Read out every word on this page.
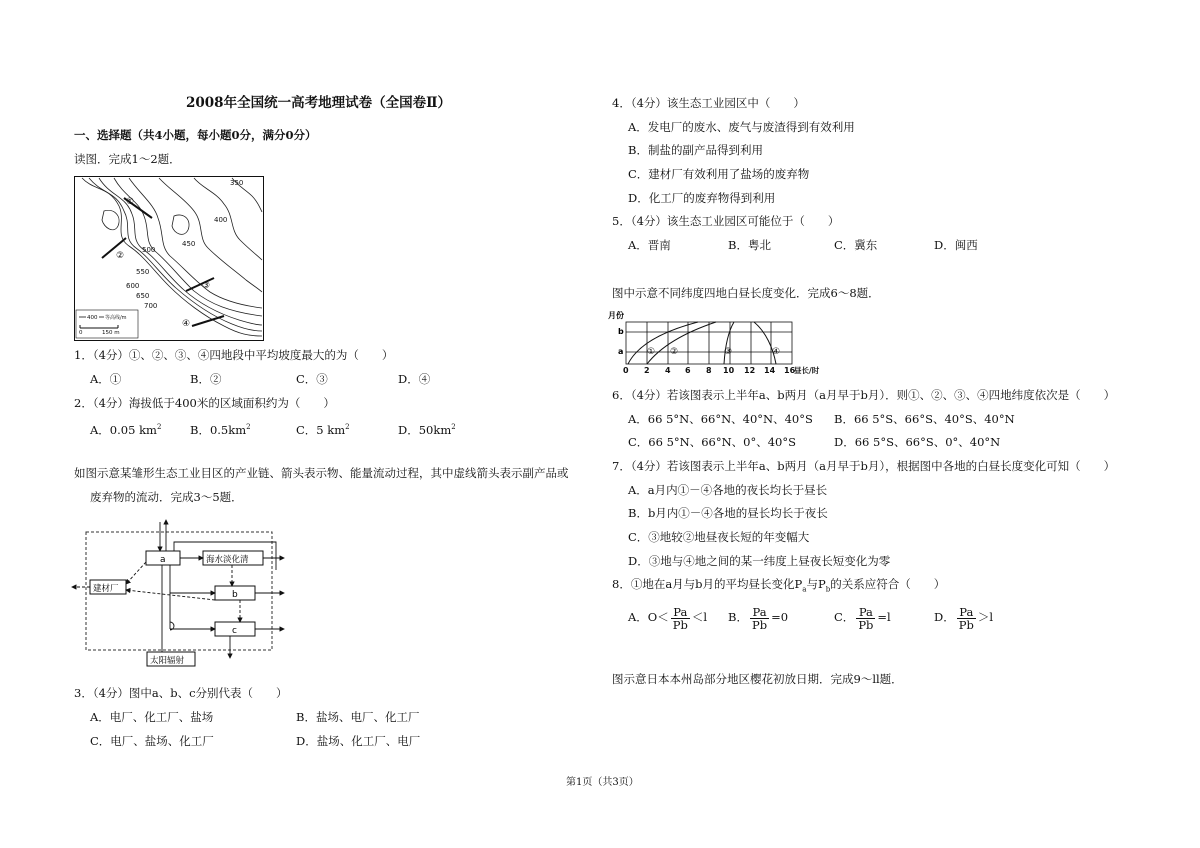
2008年全国统一高考地理试卷（全国卷Ⅱ）
一、选择题（共4小题，每小题0分，满分0分）
读图．完成1～2题．
350
400
450
500
550
600
650
700
①
②
③
④
400 等高线/m
0	150 m
1．（4分）①、②、③、④四地段中平均坡度最大的为（　　）
A．①	B．②	C．③	D．④
2．（4分）海拔低于400米的区域面积约为（　　）
A．0.05 $km^2$ B．$0.5km^2$	C．5 $km^2$	D．$50km^2$
如图示意某雏形生态工业目区的产业链、箭头表示物、能量流动过程，其中虚线箭头表示副产品或
废弃物的流动．完成3～5题．
a	海水淡化清
建材厂
b
c
太阳辐射
3．（4分）图中a、b、c分别代表（　　）
A．电厂、化工厂、盐场	B．盐场、电厂、化工厂
C．电厂、盐场、化工厂	D．盐场、化工厂、电厂
4．（4分）该生态工业园区中（　　）
A．发电厂的废水、废气与废渣得到有效利用
B．制盐的副产品得到利用
C．建材厂有效利用了盐场的废弃物
D．化工厂的废弃物得到利用
5．（4分）该生态工业园区可能位于（　　）
A．晋南	B．粤北	C．冀东	D．闽西
图中示意不同纬度四地白昼长度变化．完成6～8题．
月份
b
a	① ②	③	④
0 2 4 6 8 10 12 14 16
昼长/时
6．（4分）若该图表示上半年a、b两月（a月早于b月）．则①、②、③、④四地纬度依次是（　　）
A．66 5°N、66°N、40°N、40°S B．66 5°S、66°S、40°S、40°N
C．66 5°N、66°N、0°、40°S	D．66 5°S、66°S、0°、40°N
7．（4分）若该图表示上半年a、b两月（a月早于b月），根据图中各地的白昼长度变化可知（　　）
A．a月内①－④各地的夜长均长于昼长
B．b月内①－④各地的昼长均长于夜长
C．③地较②地昼夜长短的年变幅大
D．③地与④地之间的某一纬度上昼夜长短变化为零
8．①地在a月与b月的平均昼长变化$P_a$与$P_b$的关系应符合（　　）
A．$O< \frac{Pa}{Pb} <l$ B． $\frac{Pa}{Pb} =0$	C． $\frac{Pa}{Pb} =l$	D． $\frac{Pa}{Pb} >l$
图示意日本本州岛部分地区樱花初放日期．完成9～ll题．
第1页（共3页）
